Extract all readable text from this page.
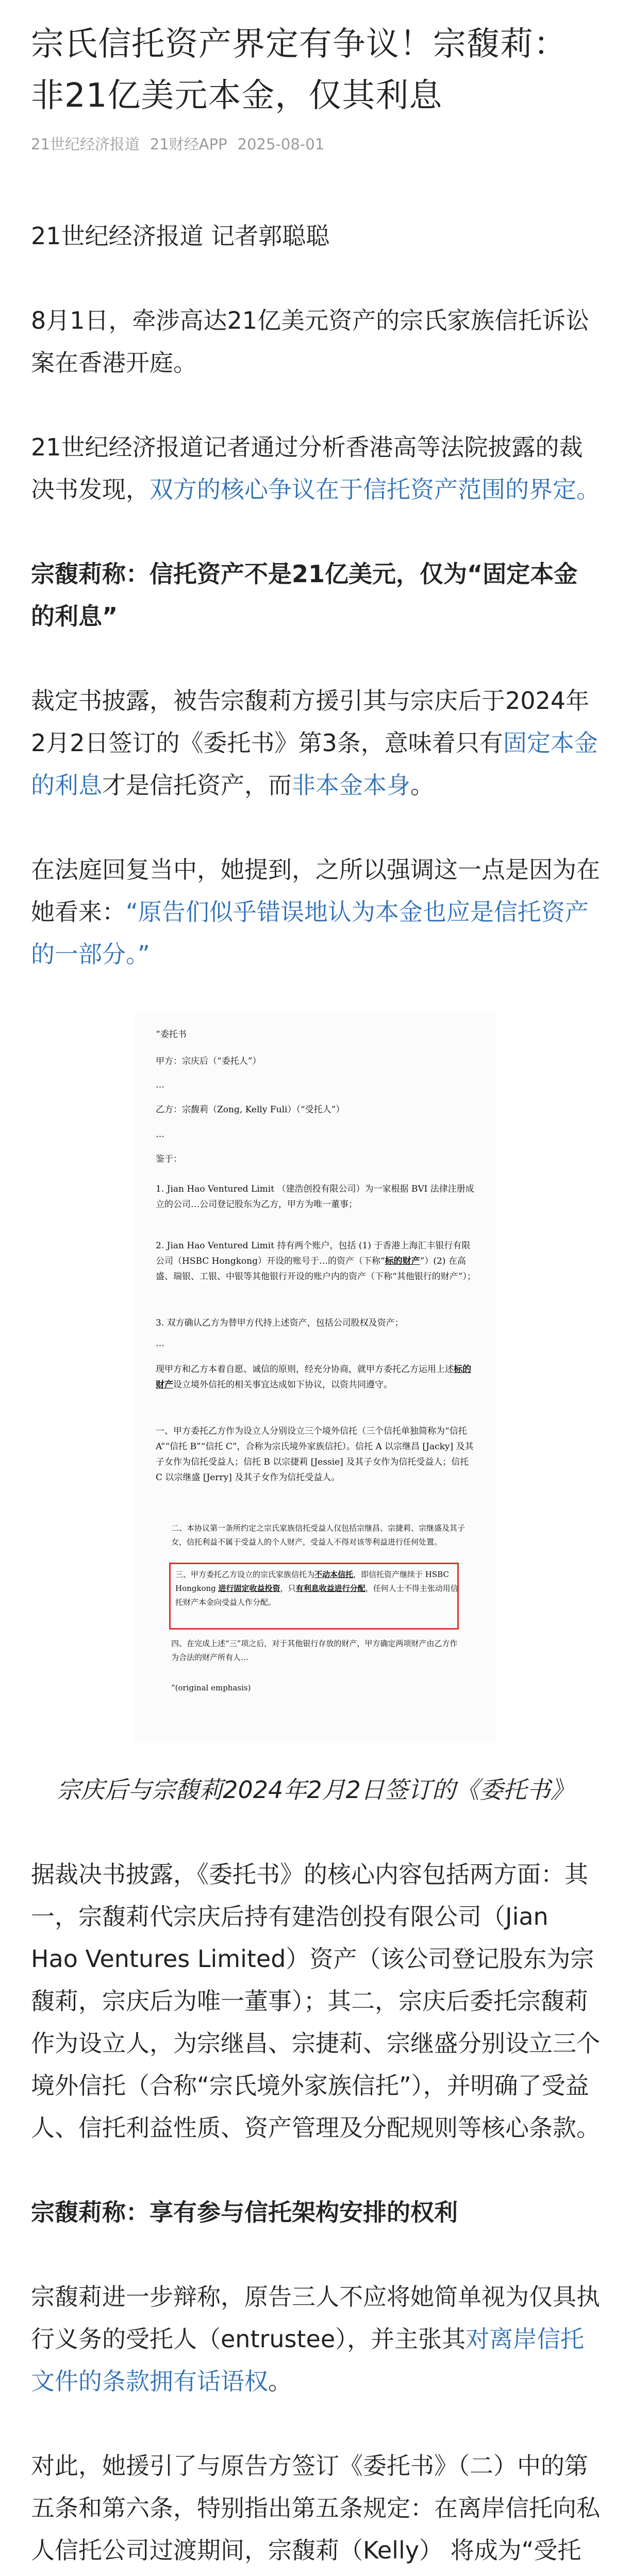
宗氏信托资产界定有争议！宗馥莉：非21亿美元本金，仅其利息
21世纪经济报道 21财经APP 2025-08-01

21世纪经济报道 记者郭聪聪

8月1日，牵涉高达21亿美元资产的宗氏家族信托诉讼案在香港开庭。

21世纪经济报道记者通过分析香港高等法院披露的裁决书发现，双方的核心争议在于信托资产范围的界定。

宗馥莉称：信托资产不是21亿美元，仅为“固定本金的利息”

裁定书披露，被告宗馥莉方援引其与宗庆后于2024年2月2日签订的《委托书》第3条，意味着只有固定本金的利息才是信托资产，而非本金本身。

在法庭回复当中，她提到，之所以强调这一点是因为在她看来：“原告们似乎错误地认为本金也应是信托资产的一部分。”

“委托书
甲方：宗庆后（“委托人”）
…
乙方：宗馥莉（Zong, Kelly Fuli）（“受托人”）
…
鉴于：
1. Jian Hao Ventured Limit （建浩创投有限公司）为一家根据 BVI 法律注册成立的公司…公司登记股东为乙方，甲方为唯一董事；
2. Jian Hao Ventured Limit 持有两个账户，包括 (1) 于香港上海汇丰银行有限公司（HSBC Hongkong）开设的账号于…的资产（下称“标的财产”）(2) 在高盛、瑞银、工银、中银等其他银行开设的账户内的资产（下称“其他银行的财产”）；
3. 双方确认乙方为替甲方代持上述资产，包括公司股权及资产；
…
现甲方和乙方本着自愿、诚信的原则，经充分协商，就甲方委托乙方运用上述标的财产设立境外信托的相关事宜达成如下协议，以资共同遵守。
一、甲方委托乙方作为设立人分别设立三个境外信托（三个信托单独简称为“信托 A”“信托 B”“信托 C”，合称为宗氏境外家族信托）。信托 A 以宗继昌 [Jacky] 及其子女作为信托受益人；信托 B 以宗捷莉 [Jessie] 及其子女作为信托受益人；信托 C 以宗继盛 [Jerry] 及其子女作为信托受益人。
二、本协议第一条所约定之宗氏家族信托受益人仅包括宗继昌、宗捷莉、宗继盛及其子女，信托利益不属于受益人的个人财产，受益人不得对该等利益进行任何处置。
三、甲方委托乙方设立的宗氏家族信托为不动本信托，即信托资产继续于 HSBC Hongkong 进行固定收益投资，只有利息收益进行分配，任何人士不得主张动用信托财产本金向受益人作分配。
四、在完成上述“三”项之后，对于其他银行存放的财产，甲方确定两项财产由乙方作为合法的财产所有人…
”(original emphasis)

宗庆后与宗馥莉2024年2月2日签订的《委托书》

据裁决书披露，《委托书》的核心内容包括两方面：其一，宗馥莉代宗庆后持有建浩创投有限公司（Jian Hao Ventures Limited）资产（该公司登记股东为宗馥莉，宗庆后为唯一董事）；其二，宗庆后委托宗馥莉作为设立人，为宗继昌、宗捷莉、宗继盛分别设立三个境外信托（合称“宗氏境外家族信托”），并明确了受益人、信托利益性质、资产管理及分配规则等核心条款。

宗馥莉称：享有参与信托架构安排的权利

宗馥莉进一步辩称，原告三人不应将她简单视为仅具执行义务的受托人（entrustee），并主张其对离岸信托文件的条款拥有话语权。

对此，她援引了与原告方签订《委托书》（二）中的第五条和第六条，特别指出第五条规定：在离岸信托向私人信托公司过渡期间，宗馥莉（Kelly） 将成为“受托
